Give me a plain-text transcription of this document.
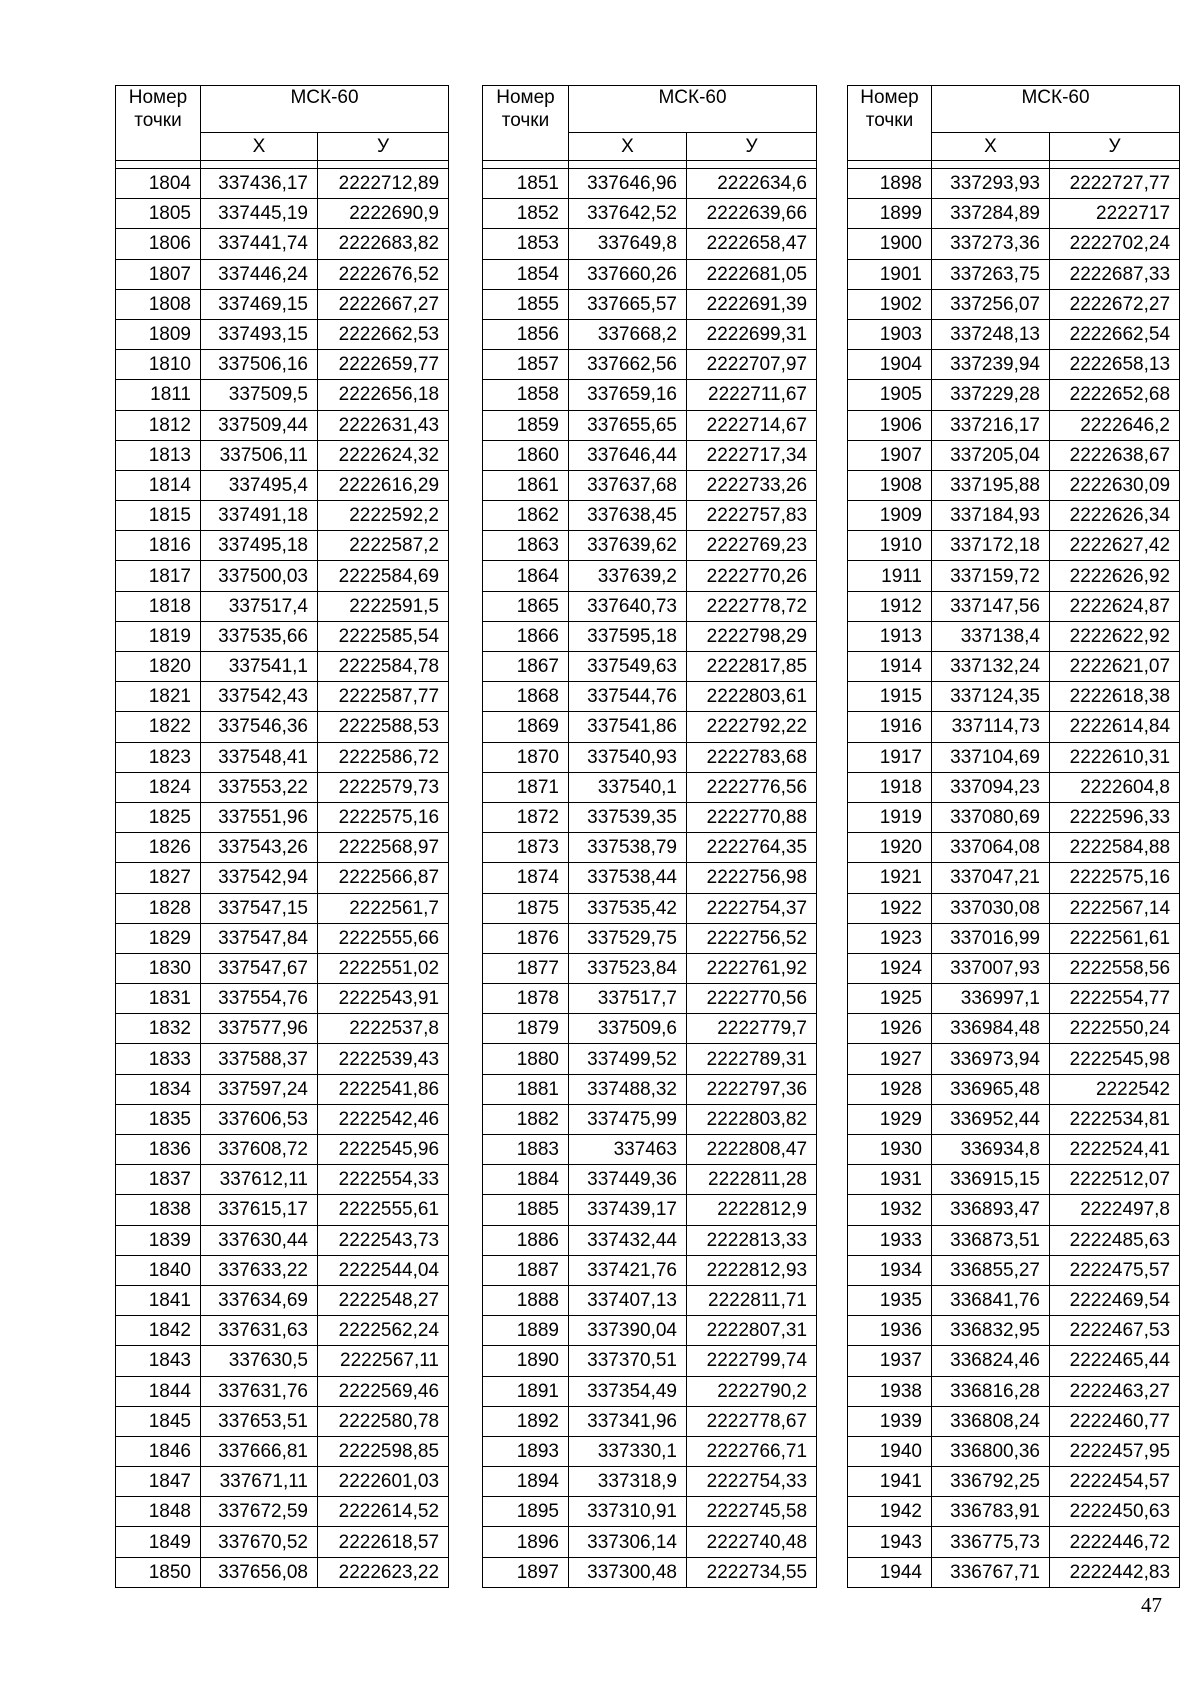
Номер точки	МСК-60	
	Х	У

1804	337436,17	2222712,89
1805	337445,19	2222690,9
1806	337441,74	2222683,82
1807	337446,24	2222676,52
1808	337469,15	2222667,27
1809	337493,15	2222662,53
1810	337506,16	2222659,77
1811	337509,5	2222656,18
1812	337509,44	2222631,43
1813	337506,11	2222624,32
1814	337495,4	2222616,29
1815	337491,18	2222592,2
1816	337495,18	2222587,2
1817	337500,03	2222584,69
1818	337517,4	2222591,5
1819	337535,66	2222585,54
1820	337541,1	2222584,78
1821	337542,43	2222587,77
1822	337546,36	2222588,53
1823	337548,41	2222586,72
1824	337553,22	2222579,73
1825	337551,96	2222575,16
1826	337543,26	2222568,97
1827	337542,94	2222566,87
1828	337547,15	2222561,7
1829	337547,84	2222555,66
1830	337547,67	2222551,02
1831	337554,76	2222543,91
1832	337577,96	2222537,8
1833	337588,37	2222539,43
1834	337597,24	2222541,86
1835	337606,53	2222542,46
1836	337608,72	2222545,96
1837	337612,11	2222554,33
1838	337615,17	2222555,61
1839	337630,44	2222543,73
1840	337633,22	2222544,04
1841	337634,69	2222548,27
1842	337631,63	2222562,24
1843	337630,5	2222567,11
1844	337631,76	2222569,46
1845	337653,51	2222580,78
1846	337666,81	2222598,85
1847	337671,11	2222601,03
1848	337672,59	2222614,52
1849	337670,52	2222618,57
1850	337656,08	2222623,22
Номер точки	МСК-60	
	Х	У

1851	337646,96	2222634,6
1852	337642,52	2222639,66
1853	337649,8	2222658,47
1854	337660,26	2222681,05
1855	337665,57	2222691,39
1856	337668,2	2222699,31
1857	337662,56	2222707,97
1858	337659,16	2222711,67
1859	337655,65	2222714,67
1860	337646,44	2222717,34
1861	337637,68	2222733,26
1862	337638,45	2222757,83
1863	337639,62	2222769,23
1864	337639,2	2222770,26
1865	337640,73	2222778,72
1866	337595,18	2222798,29
1867	337549,63	2222817,85
1868	337544,76	2222803,61
1869	337541,86	2222792,22
1870	337540,93	2222783,68
1871	337540,1	2222776,56
1872	337539,35	2222770,88
1873	337538,79	2222764,35
1874	337538,44	2222756,98
1875	337535,42	2222754,37
1876	337529,75	2222756,52
1877	337523,84	2222761,92
1878	337517,7	2222770,56
1879	337509,6	2222779,7
1880	337499,52	2222789,31
1881	337488,32	2222797,36
1882	337475,99	2222803,82
1883	337463	2222808,47
1884	337449,36	2222811,28
1885	337439,17	2222812,9
1886	337432,44	2222813,33
1887	337421,76	2222812,93
1888	337407,13	2222811,71
1889	337390,04	2222807,31
1890	337370,51	2222799,74
1891	337354,49	2222790,2
1892	337341,96	2222778,67
1893	337330,1	2222766,71
1894	337318,9	2222754,33
1895	337310,91	2222745,58
1896	337306,14	2222740,48
1897	337300,48	2222734,55
Номер точки	МСК-60	
	Х	У

1898	337293,93	2222727,77
1899	337284,89	2222717
1900	337273,36	2222702,24
1901	337263,75	2222687,33
1902	337256,07	2222672,27
1903	337248,13	2222662,54
1904	337239,94	2222658,13
1905	337229,28	2222652,68
1906	337216,17	2222646,2
1907	337205,04	2222638,67
1908	337195,88	2222630,09
1909	337184,93	2222626,34
1910	337172,18	2222627,42
1911	337159,72	2222626,92
1912	337147,56	2222624,87
1913	337138,4	2222622,92
1914	337132,24	2222621,07
1915	337124,35	2222618,38
1916	337114,73	2222614,84
1917	337104,69	2222610,31
1918	337094,23	2222604,8
1919	337080,69	2222596,33
1920	337064,08	2222584,88
1921	337047,21	2222575,16
1922	337030,08	2222567,14
1923	337016,99	2222561,61
1924	337007,93	2222558,56
1925	336997,1	2222554,77
1926	336984,48	2222550,24
1927	336973,94	2222545,98
1928	336965,48	2222542
1929	336952,44	2222534,81
1930	336934,8	2222524,41
1931	336915,15	2222512,07
1932	336893,47	2222497,8
1933	336873,51	2222485,63
1934	336855,27	2222475,57
1935	336841,76	2222469,54
1936	336832,95	2222467,53
1937	336824,46	2222465,44
1938	336816,28	2222463,27
1939	336808,24	2222460,77
1940	336800,36	2222457,95
1941	336792,25	2222454,57
1942	336783,91	2222450,63
1943	336775,73	2222446,72
1944	336767,71	2222442,83
47
